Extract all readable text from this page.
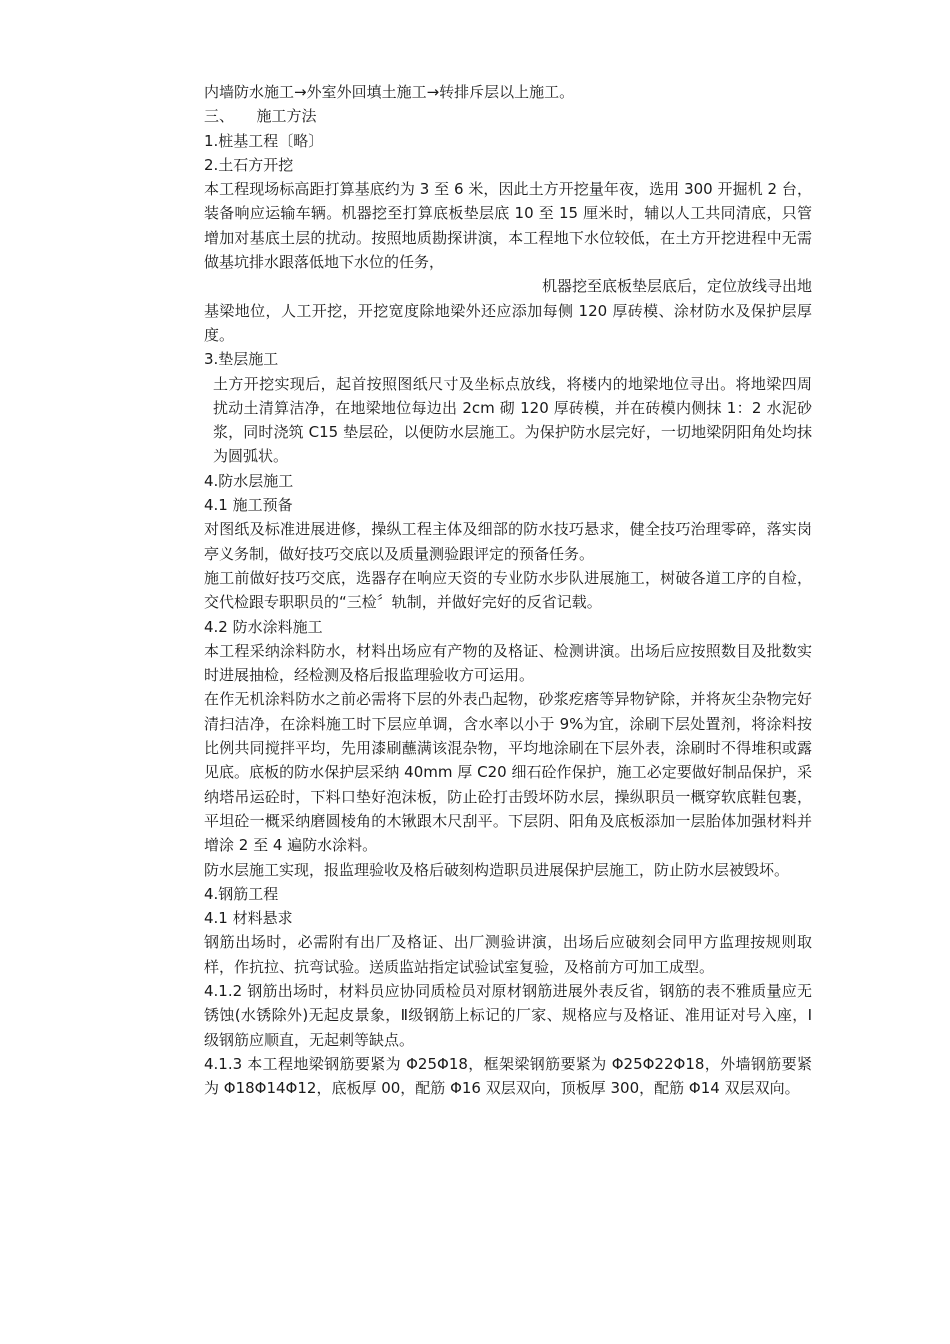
内墙防水施工→外室外回填土施工→转排斥层以上施工。

三、　　施工方法

1.桩基工程〔略〕

2.土石方开挖

本工程现场标高距打算基底约为 3 至 6 米，因此土方开挖量年夜，选用 300 开掘机 2 台，装备响应运输车辆。机器挖至打算底板垫层底 10 至 15 厘米时，辅以人工共同清底，只管增加对基底土层的扰动。按照地质勘探讲演，本工程地下水位较低，在土方开挖进程中无需做基坑排水跟落低地下水位的任务，

机器挖至底板垫层底后，定位放线寻出地

基梁地位，人工开挖，开挖宽度除地梁外还应添加每侧 120 厚砖模、涂材防水及保护层厚度。

3.垫层施工

土方开挖实现后，起首按照图纸尺寸及坐标点放线，将楼内的地梁地位寻出。将地梁四周扰动土清算洁净，在地梁地位每边出 2cm 砌 120 厚砖模，并在砖模内侧抹 1：2 水泥砂浆，同时浇筑 C15 垫层砼，以便防水层施工。为保护防水层完好，一切地梁阴阳角处均抹为圆弧状。

4.防水层施工

4.1 施工预备

对图纸及标准进展进修，操纵工程主体及细部的防水技巧悬求，健全技巧治理零碎，落实岗亭义务制，做好技巧交底以及质量测验跟评定的预备任务。

施工前做好技巧交底，选器存在响应天资的专业防水步队进展施工，树破各道工序的自检，交代检跟专职职员的“三检〞轨制，并做好完好的反省记载。

4.2 防水涂料施工

本工程采纳涂料防水，材料出场应有产物的及格证、检测讲演。出场后应按照数目及批数实时进展抽检，经检测及格后报监理验收方可运用。

在作无机涂料防水之前必需将下层的外表凸起物，砂浆疙瘩等异物铲除，并将灰尘杂物完好清扫洁净，在涂料施工时下层应单调，含水率以小于 9%为宜，涂刷下层处置剂，将涂料按比例共同搅拌平均，先用漆刷蘸满该混杂物，平均地涂刷在下层外表，涂刷时不得堆积或露见底。底板的防水保护层采纳 40mm 厚 C20 细石砼作保护，施工必定要做好制品保护，采纳塔吊运砼时，下料口垫好泡沫板，防止砼打击毁坏防水层，操纵职员一概穿软底鞋包裹，平坦砼一概采纳磨圆棱角的木锹跟木尺刮平。下层阴、阳角及底板添加一层胎体加强材料并增涂 2 至 4 遍防水涂料。

防水层施工实现，报监理验收及格后破刻构造职员进展保护层施工，防止防水层被毁坏。

4.钢筋工程

4.1 材料悬求

钢筋出场时，必需附有出厂及格证、出厂测验讲演，出场后应破刻会同甲方监理按规则取样，作抗拉、抗弯试验。送质监站指定试验试室复验，及格前方可加工成型。

4.1.2 钢筋出场时，材料员应协同质检员对原材钢筋进展外表反省，钢筋的表不雅质量应无锈蚀(水锈除外)无起皮景象，Ⅱ级钢筋上标记的厂家、规格应与及格证、准用证对号入座，Ⅰ级钢筋应顺直，无起刺等缺点。

4.1.3 本工程地梁钢筋要紧为 Φ25Φ18，框架梁钢筋要紧为 Φ25Φ22Φ18，外墙钢筋要紧为 Φ18Φ14Φ12，底板厚 00，配筋 Φ16 双层双向，顶板厚 300，配筋 Φ14 双层双向。
